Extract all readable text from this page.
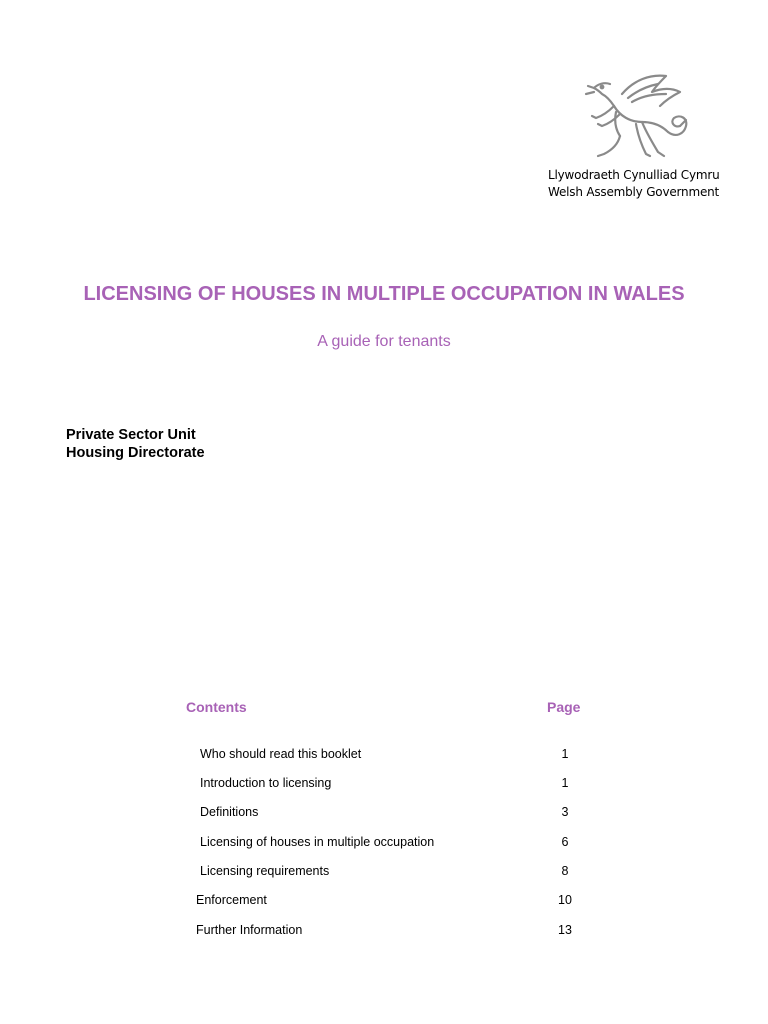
Llywodraeth Cynulliad Cymru
Welsh Assembly Government
LICENSING OF HOUSES IN MULTIPLE OCCUPATION IN WALES
A guide for tenants
Private Sector Unit
Housing Directorate
Contents	Page
Who should read this booklet	1
Introduction to licensing	1
Definitions	3
Licensing of houses in multiple occupation	6
Licensing requirements	8
Enforcement	10
Further Information	13
